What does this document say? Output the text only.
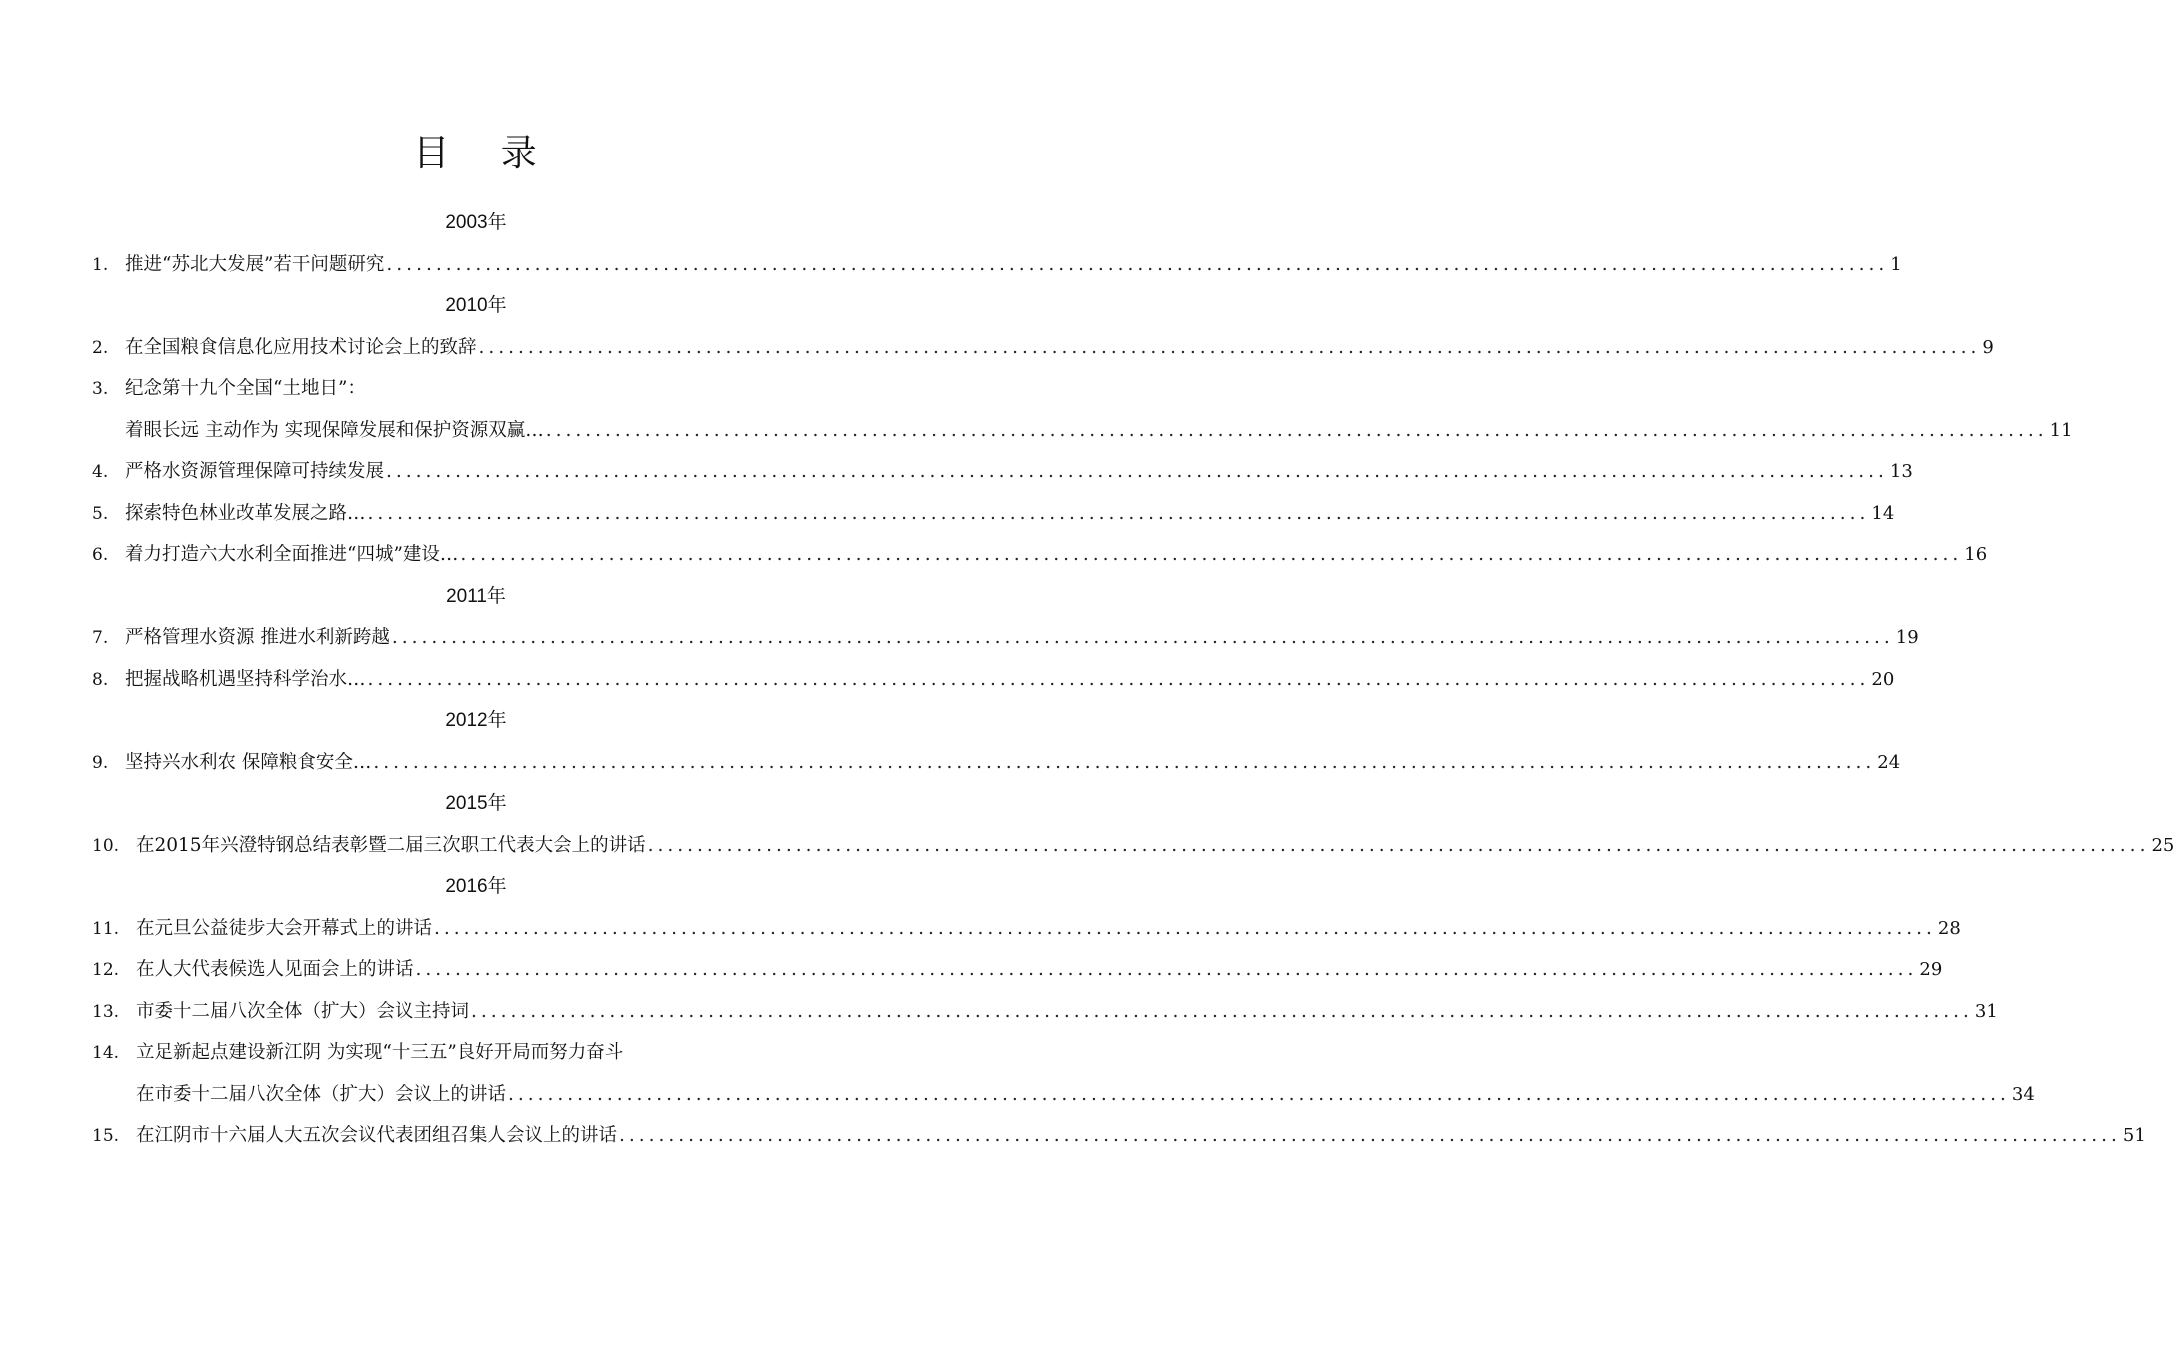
目 录
2003年
1. 推进“苏北大发展”若干问题研究 ........................................................................................................................................................ 1
2010年
2. 在全国粮食信息化应用技术讨论会上的致辞 ........................................................................................................................................................ 9
3. 纪念第十九个全国“土地日”：
着眼长远 主动作为 实现保障发展和保护资源双赢… ........................................................................................................................................................ 11
4. 严格水资源管理保障可持续发展 ........................................................................................................................................................ 13
5. 探索特色林业改革发展之路… ........................................................................................................................................................ 14
6. 着力打造六大水利全面推进“四城”建设… ........................................................................................................................................................ 16
2011年
7. 严格管理水资源 推进水利新跨越 ........................................................................................................................................................ 19
8. 把握战略机遇坚持科学治水… ........................................................................................................................................................ 20
2012年
9. 坚持兴水利农 保障粮食安全… ........................................................................................................................................................ 24
2015年
10. 在2015年兴澄特钢总结表彰暨二届三次职工代表大会上的讲话 ........................................................................................................................................................ 25
2016年
11. 在元旦公益徒步大会开幕式上的讲话 ........................................................................................................................................................ 28
12. 在人大代表候选人见面会上的讲话 ........................................................................................................................................................ 29
13. 市委十二届八次全体（扩大）会议主持词 ........................................................................................................................................................ 31
14. 立足新起点建设新江阴 为实现“十三五”良好开局而努力奋斗
在市委十二届八次全体（扩大）会议上的讲话 ........................................................................................................................................................ 34
15. 在江阴市十六届人大五次会议代表团组召集人会议上的讲话 ........................................................................................................................................................ 51
